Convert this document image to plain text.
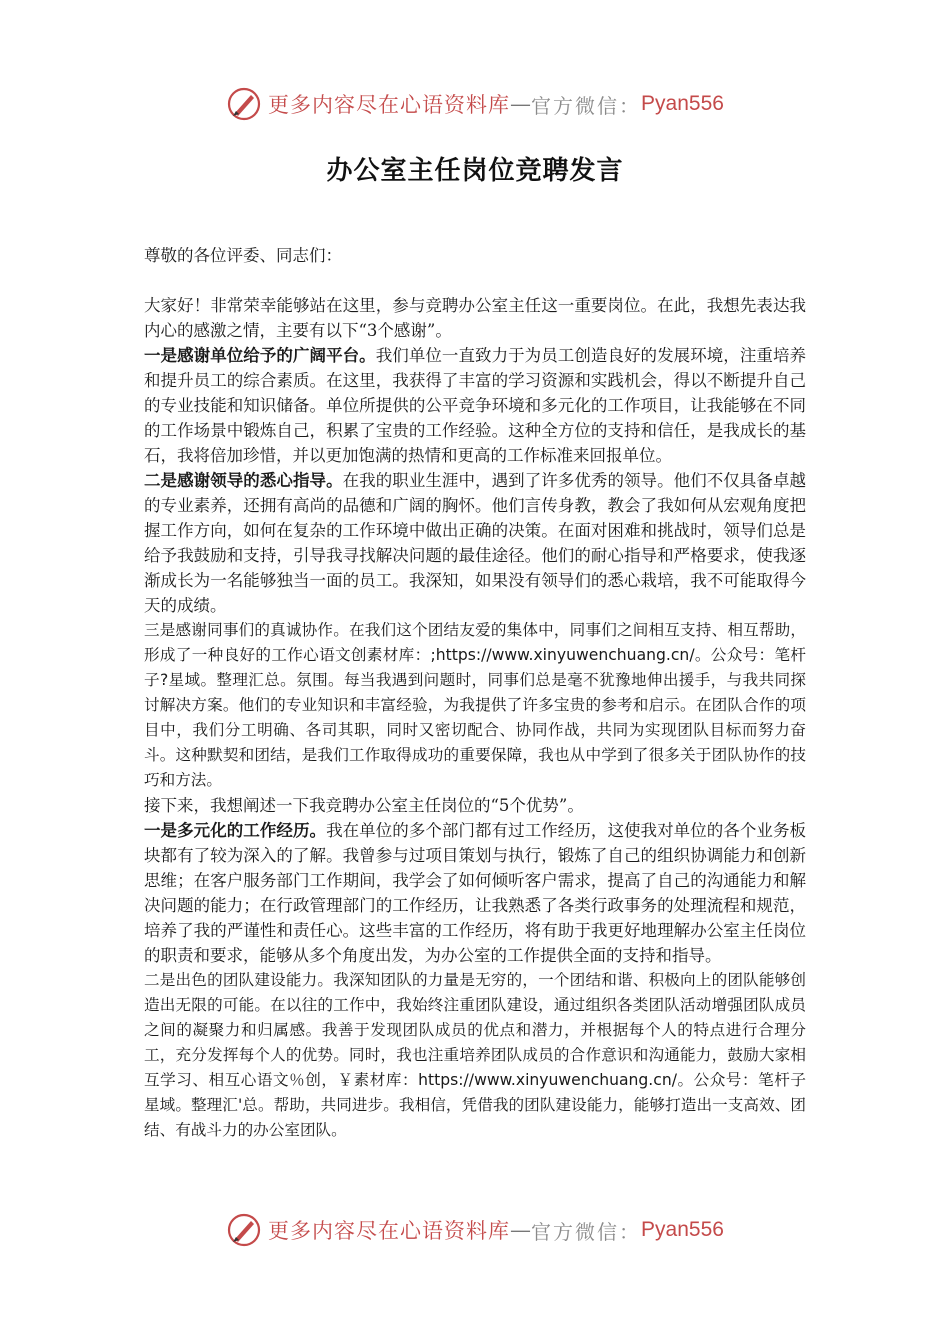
更多内容尽在心语资料库 — 官方微信： Pyan556
办公室主任岗位竞聘发言

尊敬的各位评委、同志们：

大家好！非常荣幸能够站在这里，参与竞聘办公室主任这一重要岗位。在此，我想先表达我内心的感激之情，主要有以下“3个感谢”。

一是感谢单位给予的广阔平台。我们单位一直致力于为员工创造良好的发展环境，注重培养和提升员工的综合素质。在这里，我获得了丰富的学习资源和实践机会，得以不断提升自己的专业技能和知识储备。单位所提供的公平竞争环境和多元化的工作项目，让我能够在不同的工作场景中锻炼自己，积累了宝贵的工作经验。这种全方位的支持和信任，是我成长的基石，我将倍加珍惜，并以更加饱满的热情和更高的工作标准来回报单位。

二是感谢领导的悉心指导。在我的职业生涯中，遇到了许多优秀的领导。他们不仅具备卓越的专业素养，还拥有高尚的品德和广阔的胸怀。他们言传身教，教会了我如何从宏观角度把握工作方向，如何在复杂的工作环境中做出正确的决策。在面对困难和挑战时，领导们总是给予我鼓励和支持，引导我寻找解决问题的最佳途径。他们的耐心指导和严格要求，使我逐渐成长为一名能够独当一面的员工。我深知，如果没有领导们的悉心栽培，我不可能取得今天的成绩。

三是感谢同事们的真诚协作。在我们这个团结友爱的集体中，同事们之间相互支持、相互帮助，形成了一种良好的工作心语文创素材库：;https://www.xinyuwenchuang.cn/。公众号：笔杆子?星域。整理汇总。氛围。每当我遇到问题时，同事们总是毫不犹豫地伸出援手，与我共同探讨解决方案。他们的专业知识和丰富经验，为我提供了许多宝贵的参考和启示。在团队合作的项目中，我们分工明确、各司其职，同时又密切配合、协同作战，共同为实现团队目标而努力奋斗。这种默契和团结，是我们工作取得成功的重要保障，我也从中学到了很多关于团队协作的技巧和方法。

接下来，我想阐述一下我竞聘办公室主任岗位的“5个优势”。

一是多元化的工作经历。我在单位的多个部门都有过工作经历，这使我对单位的各个业务板块都有了较为深入的了解。我曾参与过项目策划与执行，锻炼了自己的组织协调能力和创新思维；在客户服务部门工作期间，我学会了如何倾听客户需求，提高了自己的沟通能力和解决问题的能力；在行政管理部门的工作经历，让我熟悉了各类行政事务的处理流程和规范，培养了我的严谨性和责任心。这些丰富的工作经历，将有助于我更好地理解办公室主任岗位的职责和要求，能够从多个角度出发，为办公室的工作提供全面的支持和指导。

二是出色的团队建设能力。我深知团队的力量是无穷的，一个团结和谐、积极向上的团队能够创造出无限的可能。在以往的工作中，我始终注重团队建设，通过组织各类团队活动增强团队成员之间的凝聚力和归属感。我善于发现团队成员的优点和潜力，并根据每个人的特点进行合理分工，充分发挥每个人的优势。同时，我也注重培养团队成员的合作意识和沟通能力，鼓励大家相互学习、相互心语文％创，￥素材库：https://www.xinyuwenchuang.cn/。公众号：笔杆子星域。整理汇'总。帮助，共同进步。我相信，凭借我的团队建设能力，能够打造出一支高效、团结、有战斗力的办公室团队。

更多内容尽在心语资料库 — 官方微信： Pyan556
